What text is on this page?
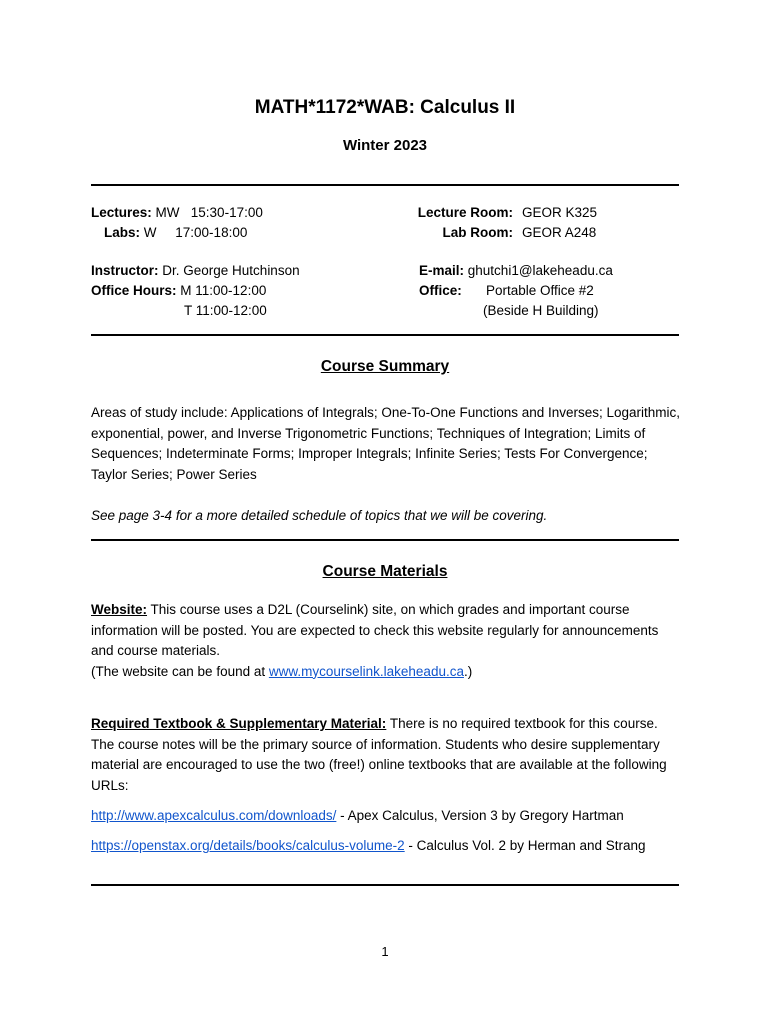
MATH*1172*WAB: Calculus II
Winter 2023
Lectures: MW   15:30-17:00
Labs: W     17:00-18:00
Lecture Room: GEOR K325
Lab Room: GEOR A248
Instructor: Dr. George Hutchinson
Office Hours: M 11:00-12:00
T 11:00-12:00
E-mail: ghutchi1@lakeheadu.ca
Office: Portable Office #2
(Beside H Building)
Course Summary
Areas of study include: Applications of Integrals; One-To-One Functions and Inverses; Logarithmic, exponential, power, and Inverse Trigonometric Functions; Techniques of Integration; Limits of Sequences; Indeterminate Forms; Improper Integrals; Infinite Series; Tests For Convergence; Taylor Series; Power Series
See page 3-4 for a more detailed schedule of topics that we will be covering.
Course Materials
Website: This course uses a D2L (Courselink) site, on which grades and important course information will be posted. You are expected to check this website regularly for announcements and course materials.
(The website can be found at www.mycourselink.lakeheadu.ca.)
Required Textbook & Supplementary Material: There is no required textbook for this course. The course notes will be the primary source of information. Students who desire supplementary material are encouraged to use the two (free!) online textbooks that are available at the following URLs:
http://www.apexcalculus.com/downloads/ - Apex Calculus, Version 3 by Gregory Hartman
https://openstax.org/details/books/calculus-volume-2 - Calculus Vol. 2 by Herman and Strang
1
